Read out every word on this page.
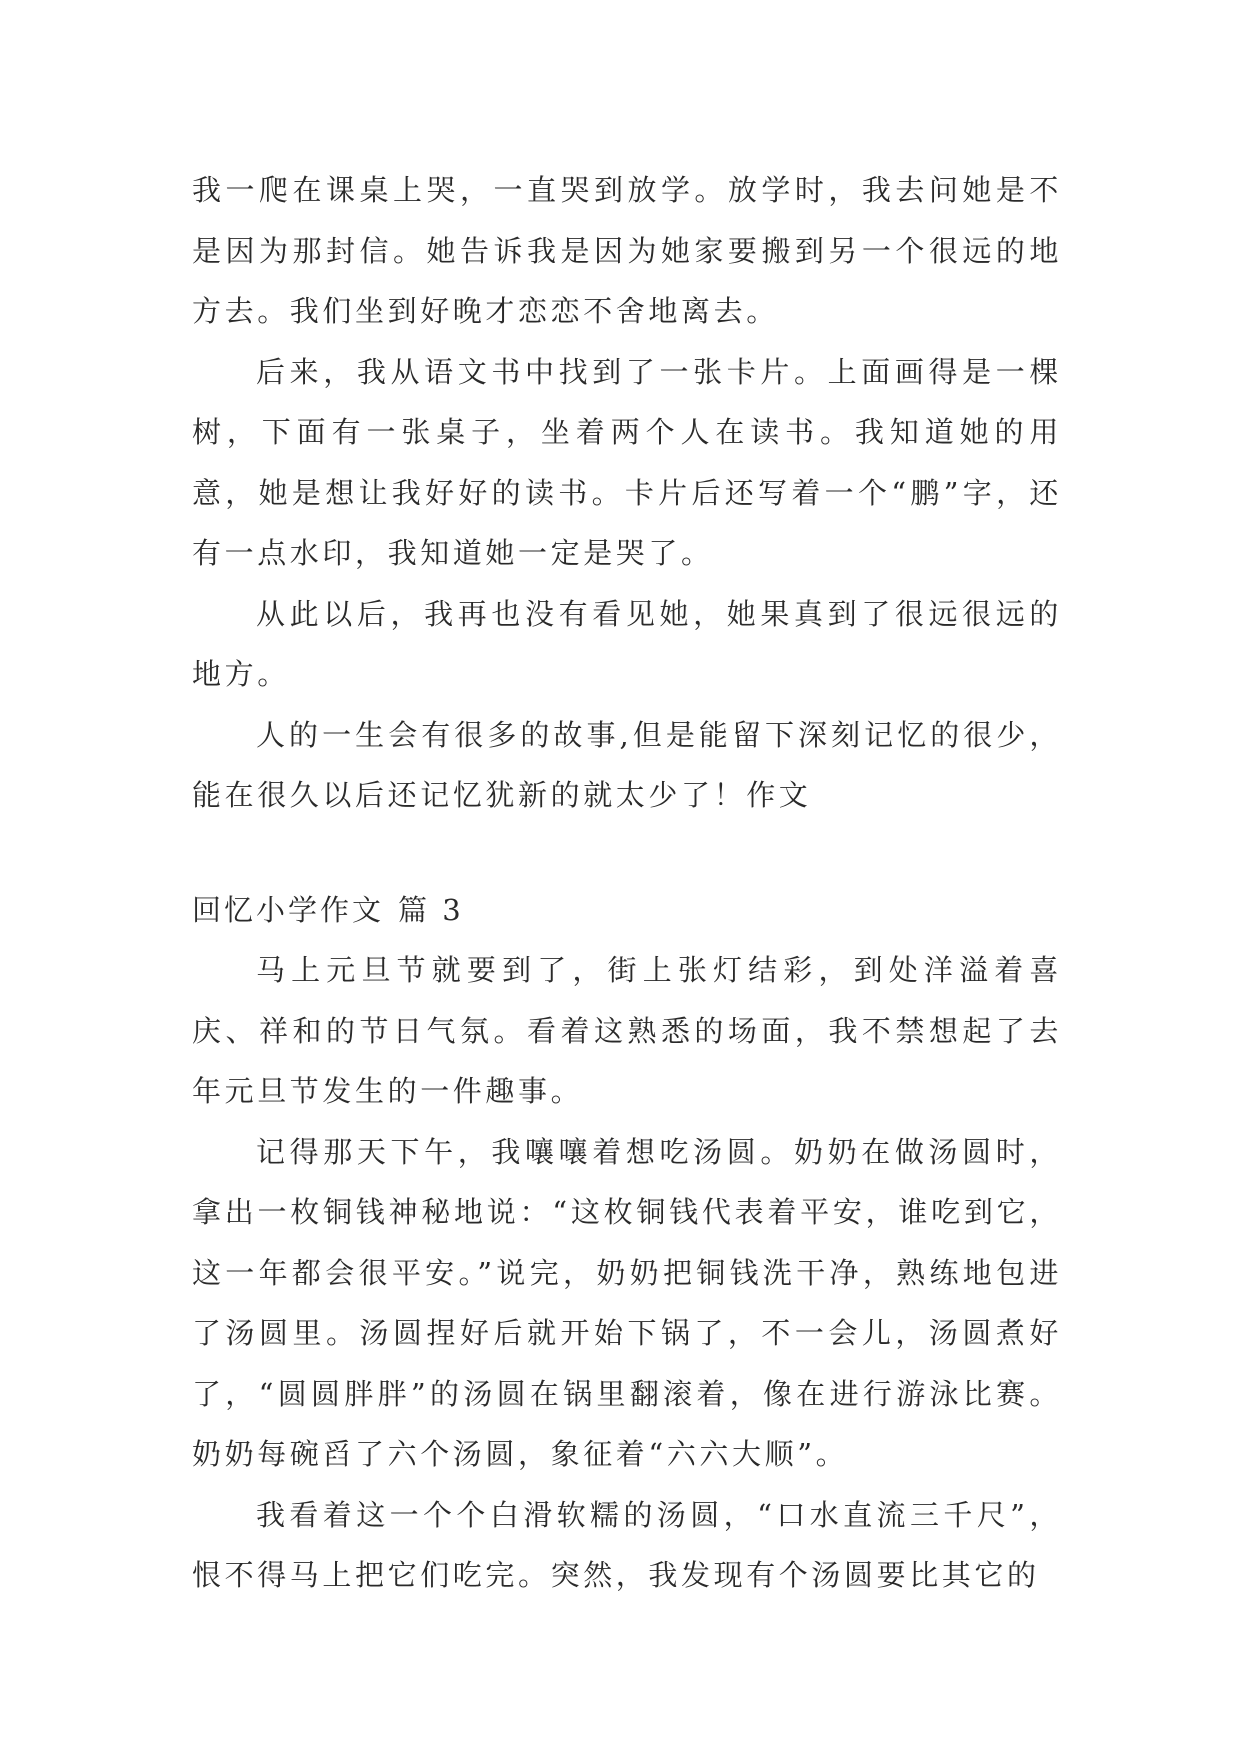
我一爬在课桌上哭，一直哭到放学。放学时，我去问她是不是因为那封信。她告诉我是因为她家要搬到另一个很远的地方去。我们坐到好晚才恋恋不舍地离去。

后来，我从语文书中找到了一张卡片。上面画得是一棵树，下面有一张桌子，坐着两个人在读书。我知道她的用意，她是想让我好好的读书。卡片后还写着一个“鹏”字，还有一点水印，我知道她一定是哭了。

从此以后，我再也没有看见她，她果真到了很远很远的地方。

人的一生会有很多的故事,但是能留下深刻记忆的很少，能在很久以后还记忆犹新的就太少了！作文

回忆小学作文 篇 3

马上元旦节就要到了，街上张灯结彩，到处洋溢着喜庆、祥和的节日气氛。看着这熟悉的场面，我不禁想起了去年元旦节发生的一件趣事。

记得那天下午，我嚷嚷着想吃汤圆。奶奶在做汤圆时，拿出一枚铜钱神秘地说：“这枚铜钱代表着平安，谁吃到它，这一年都会很平安。”说完，奶奶把铜钱洗干净，熟练地包进了汤圆里。汤圆捏好后就开始下锅了，不一会儿，汤圆煮好了，“圆圆胖胖”的汤圆在锅里翻滚着，像在进行游泳比赛。奶奶每碗舀了六个汤圆，象征着“六六大顺”。

我看着这一个个白滑软糯的汤圆，“口水直流三千尺”，恨不得马上把它们吃完。突然，我发现有个汤圆要比其它的
